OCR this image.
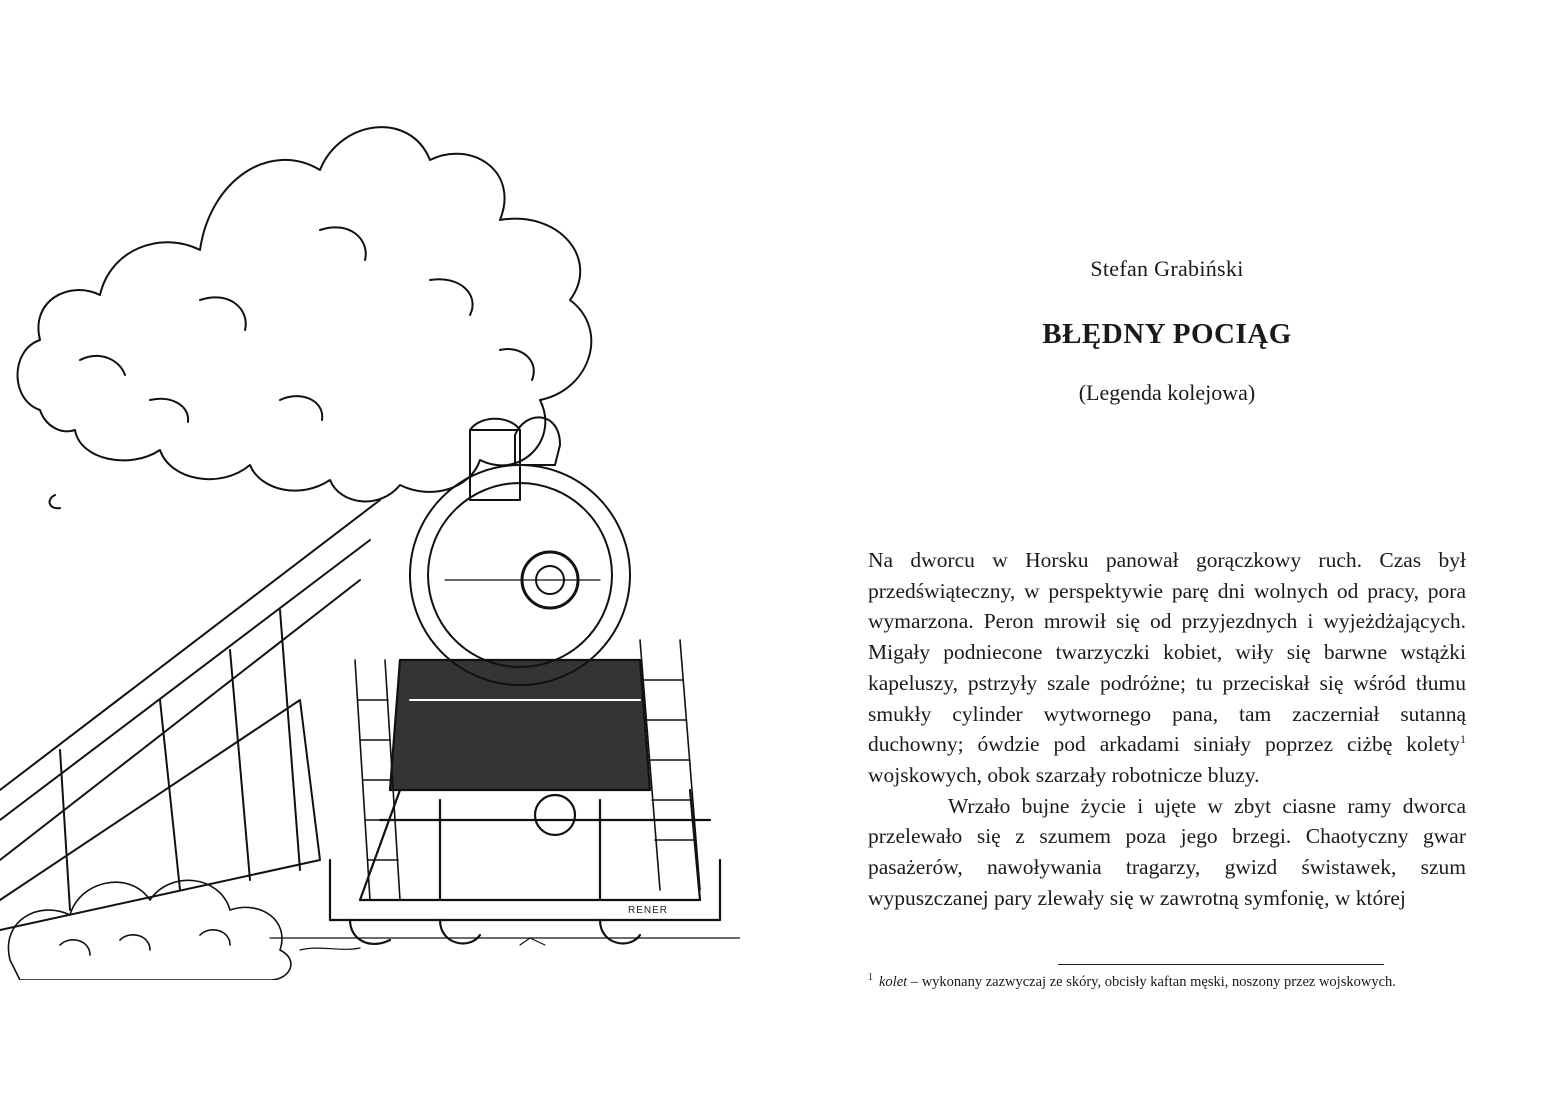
RENER
Stefan Grabiński
BŁĘDNY POCIĄG
(Legenda kolejowa)

Na dworcu w Horsku panował gorączkowy ruch. Czas był przedświąteczny, w perspektywie parę dni wolnych od pracy, pora wymarzona. Peron mrowił się od przyjezdnych i wyjeżdżających. Migały podniecone twarzyczki kobiet, wiły się barwne wstążki kapeluszy, pstrzyły szale podróżne; tu przeciskał się wśród tłumu smukły cylinder wytwornego pana, tam zaczerniał sutanną duchowny; ówdzie pod arkadami siniały poprzez ciżbę kolety$^1$ wojskowych, obok szarzały robotnicze bluzy.

Wrzało bujne życie i ujęte w zbyt ciasne ramy dworca przelewało się z szumem poza jego brzegi. Chaotyczny gwar pasażerów, nawoływania tragarzy, gwizd świstawek, szum wypuszczanej pary zlewały się w zawrotną symfonię, w której

$^1$ kolet – wykonany zazwyczaj ze skóry, obcisły kaftan męski, noszony przez wojskowych.
